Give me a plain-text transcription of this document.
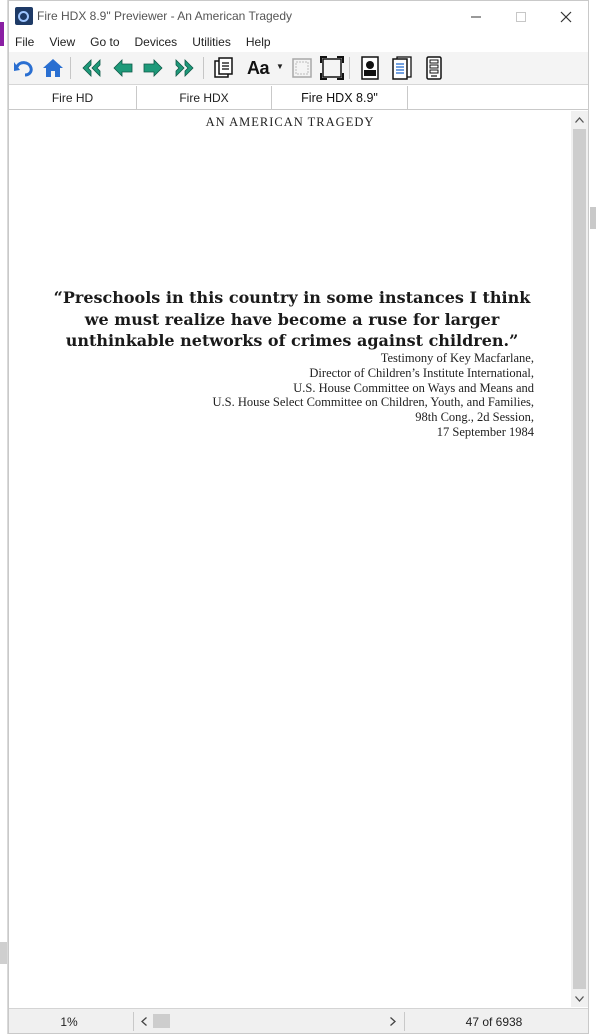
Fire HDX 8.9" Previewer - An American Tragedy
File View Go to Devices Utilities Help
Aa ▼
Fire HD	Fire HDX	Fire HDX 8.9"
AN AMERICAN TRAGEDY
“Preschools in this country in some instances I think
we must realize have become a ruse for larger
unthinkable networks of crimes against children.”
Testimony of Key Macfarlane,
Director of Children’s Institute International,
U.S. House Committee on Ways and Means and
U.S. House Select Committee on Children, Youth, and Families,
98th Cong., 2d Session,
17 September 1984
1%	47 of 6938
